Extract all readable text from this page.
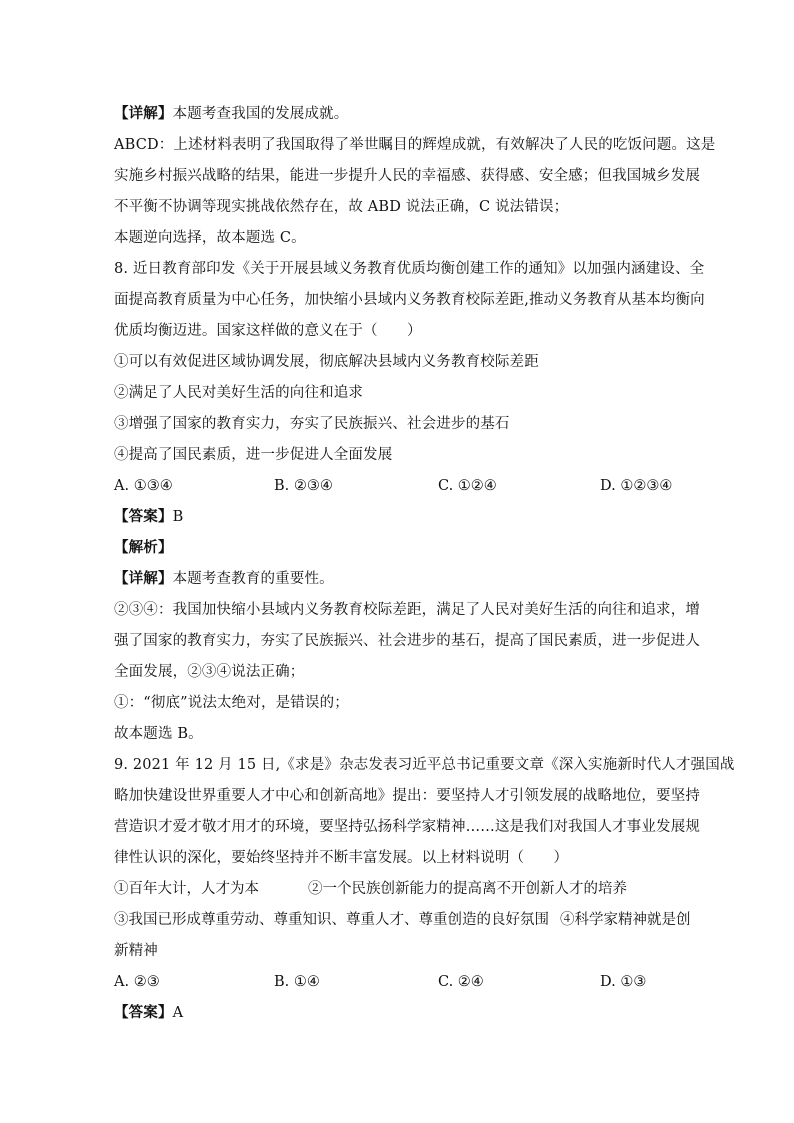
【详解】本题考查我国的发展成就。
ABCD：上述材料表明了我国取得了举世瞩目的辉煌成就，有效解决了人民的吃饭问题。这是
实施乡村振兴战略的结果，能进一步提升人民的幸福感、获得感、安全感；但我国城乡发展
不平衡不协调等现实挑战依然存在，故 ABD 说法正确，C 说法错误；
本题逆向选择，故本题选 C。
8. 近日教育部印发《关于开展县域义务教育优质均衡创建工作的通知》以加强内涵建设、全
面提高教育质量为中心任务，加快缩小县域内义务教育校际差距,推动义务教育从基本均衡向
优质均衡迈进。国家这样做的意义在于（　　）
①可以有效促进区域协调发展，彻底解决县域内义务教育校际差距
②满足了人民对美好生活的向往和追求
③增强了国家的教育实力，夯实了民族振兴、社会进步的基石
④提高了国民素质，进一步促进人全面发展
A. ①③④	B. ②③④	C. ①②④	D. ①②③④
【答案】B
【解析】
【详解】本题考查教育的重要性。
②③④：我国加快缩小县域内义务教育校际差距，满足了人民对美好生活的向往和追求，增
强了国家的教育实力，夯实了民族振兴、社会进步的基石，提高了国民素质，进一步促进人
全面发展，②③④说法正确；
①：“彻底”说法太绝对，是错误的；
故本题选 B。
9. 2021 年 12 月 15 日,《求是》杂志发表习近平总书记重要文章《深入实施新时代人才强国战
略加快建设世界重要人才中心和创新高地》提出：要坚持人才引领发展的战略地位，要坚持
营造识才爱才敬才用才的环境，要坚持弘扬科学家精神……这是我们对我国人才事业发展规
律性认识的深化，要始终坚持并不断丰富发展。以上材料说明（　　）
①百年大计，人才为本	②一个民族创新能力的提高离不开创新人才的培养
③我国已形成尊重劳动、尊重知识、尊重人才、尊重创造的良好氛围 ④科学家精神就是创
新精神
A. ②③	B. ①④	C. ②④	D. ①③
【答案】A
